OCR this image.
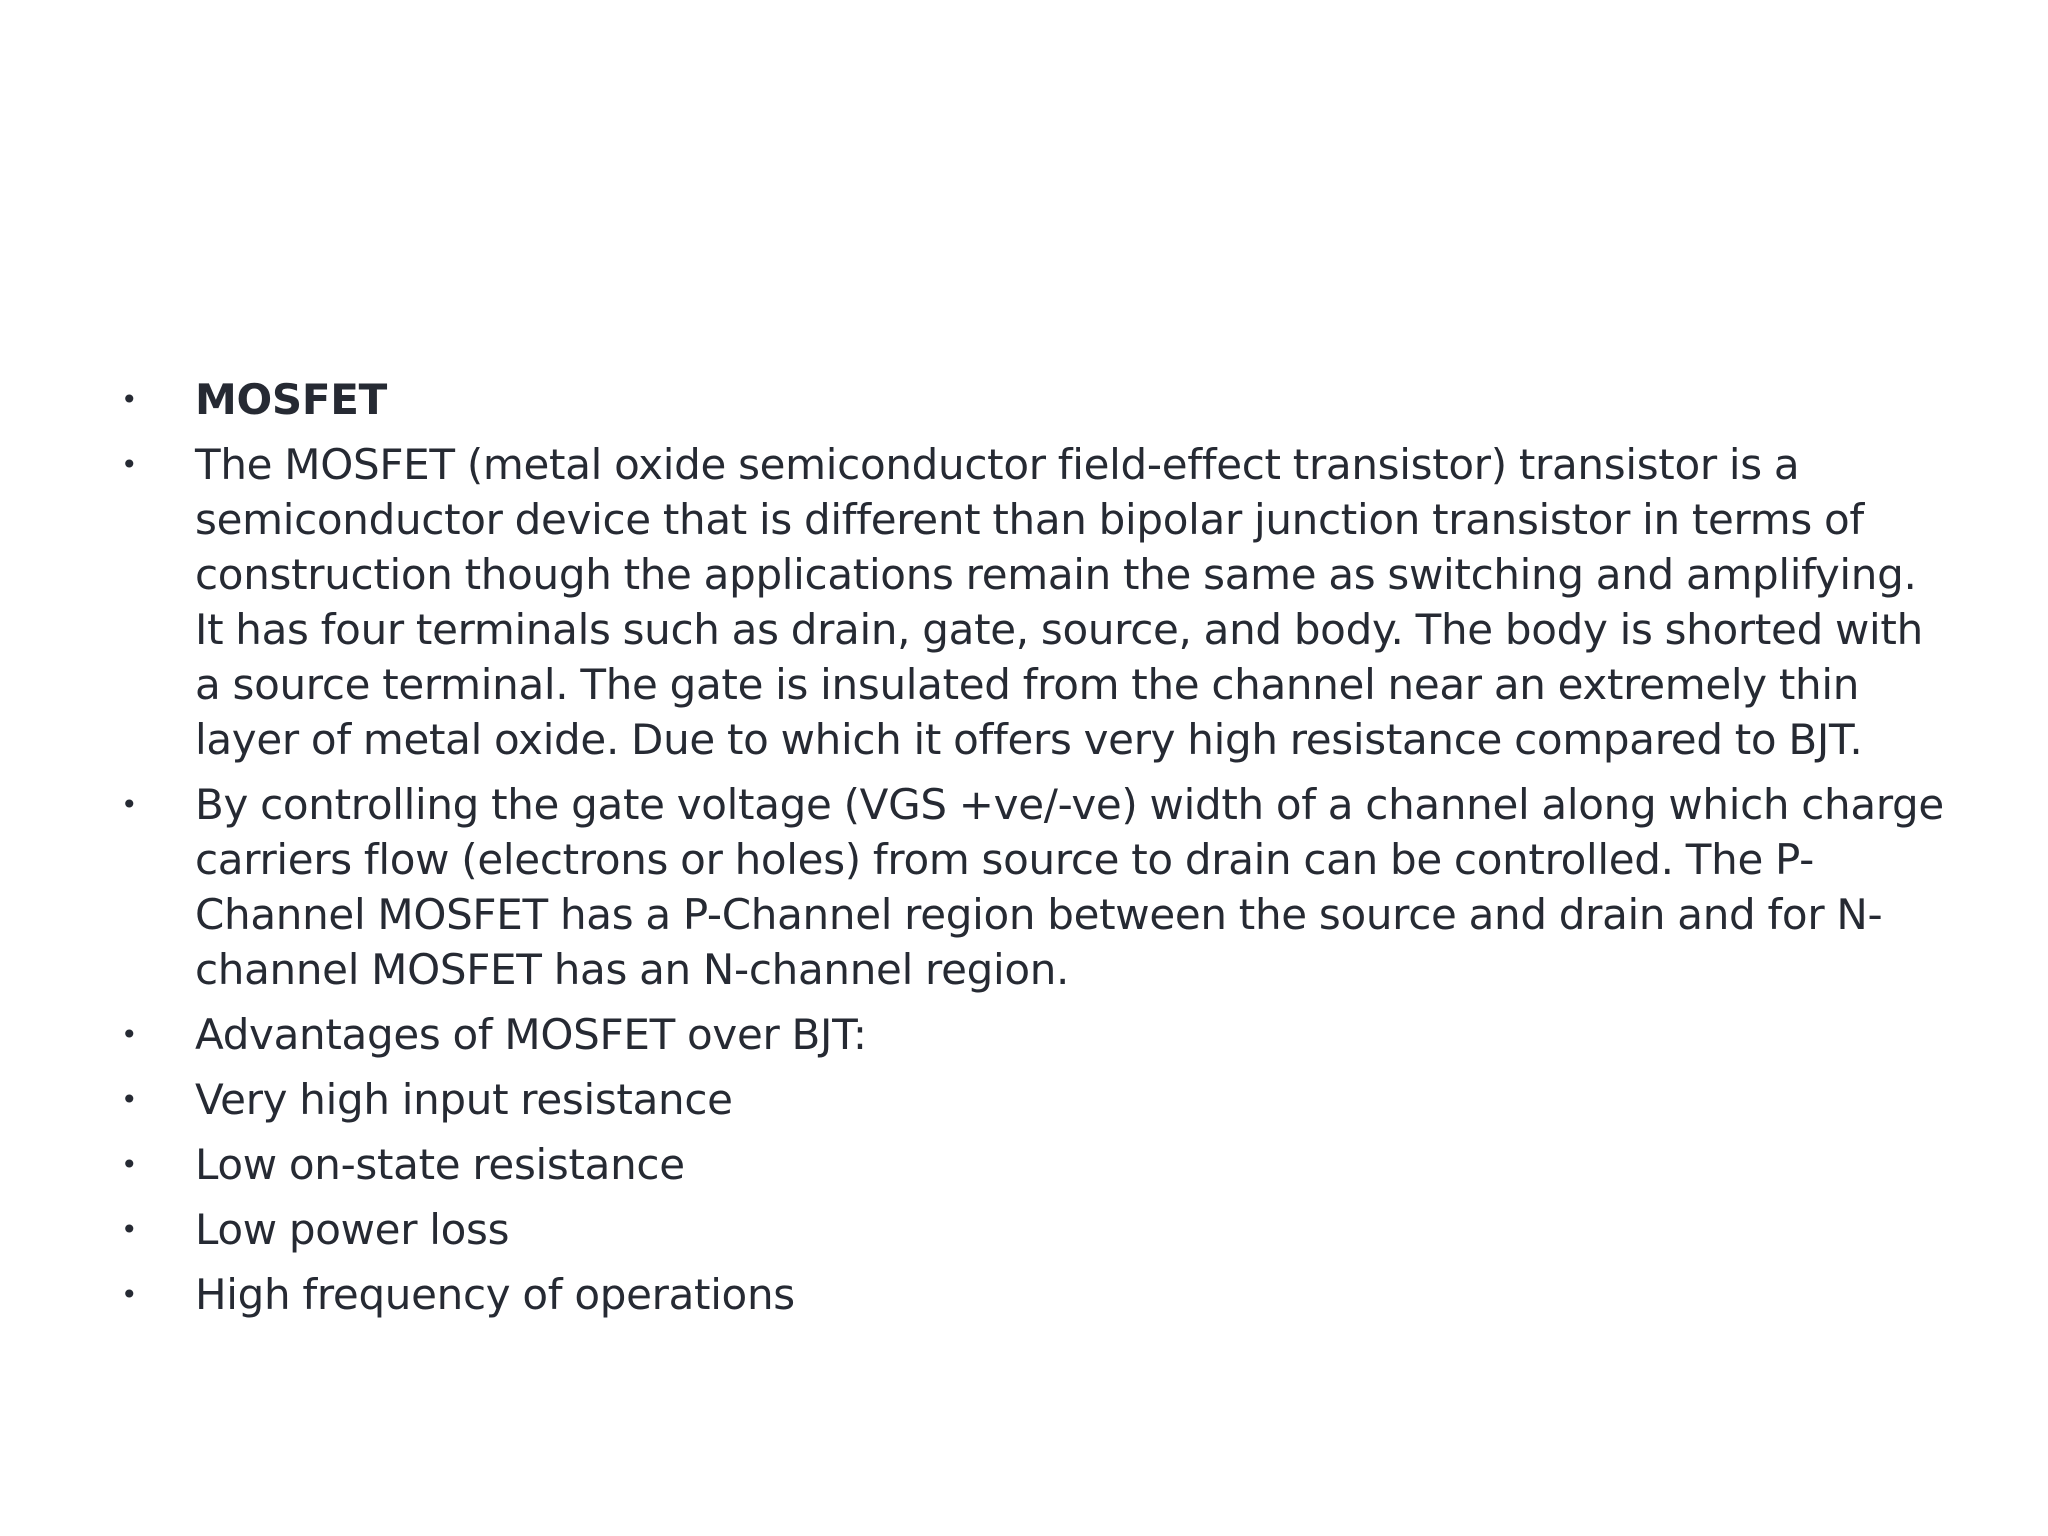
• MOSFET
• The MOSFET (metal oxide semiconductor field-effect transistor) transistor is a semiconductor device that is different than bipolar junction transistor in terms of construction though the applications remain the same as switching and amplifying. It has four terminals such as drain, gate, source, and body. The body is shorted with a source terminal. The gate is insulated from the channel near an extremely thin layer of metal oxide. Due to which it offers very high resistance compared to BJT.
• By controlling the gate voltage (VGS +ve/-ve) width of a channel along which charge carriers flow (electrons or holes) from source to drain can be controlled. The P-Channel MOSFET has a P-Channel region between the source and drain and for N-channel MOSFET has an N-channel region.
• Advantages of MOSFET over BJT:
• Very high input resistance
• Low on-state resistance
• Low power loss
• High frequency of operations
